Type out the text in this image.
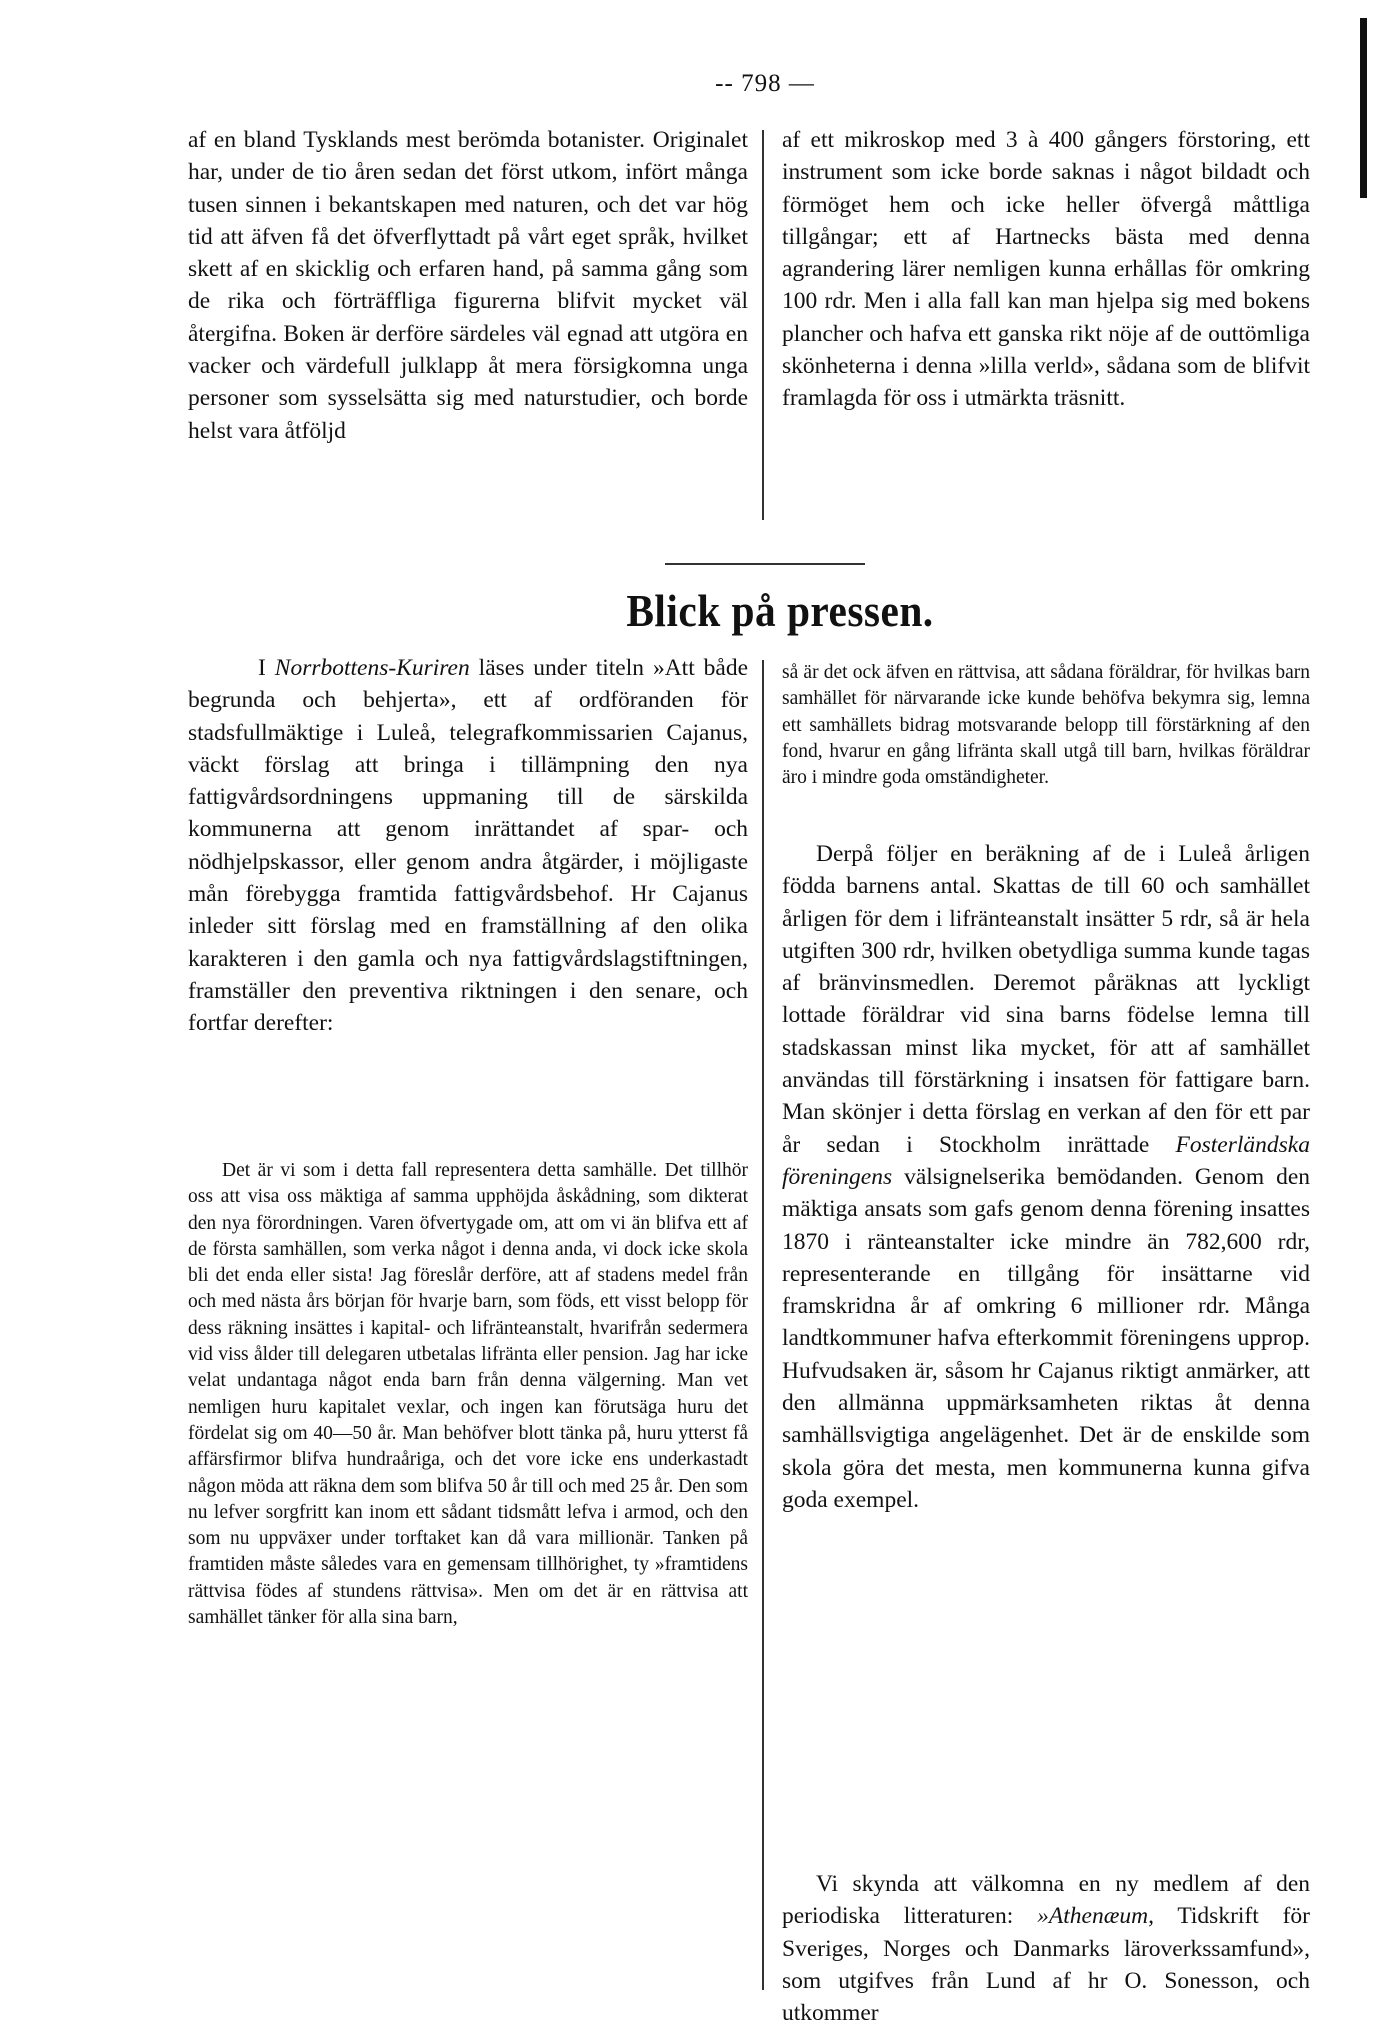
-- 798 —

af en bland Tysklands mest berömda botanister. Originalet har, under de tio åren sedan det först utkom, infört många tusen sinnen i bekantskapen med naturen, och det var hög tid att äfven få det öfverflyttadt på vårt eget språk, hvilket skett af en skicklig och erfaren hand, på samma gång som de rika och förträffliga figurerna blifvit mycket väl återgifna. Boken är derföre särdeles väl egnad att utgöra en vacker och värdefull julklapp åt mera försigkomna unga personer som sysselsätta sig med naturstudier, och borde helst vara åtföljd

af ett mikroskop med 3 à 400 gångers förstoring, ett instrument som icke borde saknas i något bildadt och förmöget hem och icke heller öfvergå måttliga tillgångar; ett af Hartnecks bästa med denna agrandering lärer nemligen kunna erhållas för omkring 100 rdr. Men i alla fall kan man hjelpa sig med bokens plancher och hafva ett ganska rikt nöje af de outtömliga skönheterna i denna »lilla verld», sådana som de blifvit framlagda för oss i utmärkta träsnitt.

Blick på pressen.

I Norrbottens-Kuriren läses under titeln »Att både begrunda och behjerta», ett af ordföranden för stadsfullmäktige i Luleå, telegrafkommissarien Cajanus, väckt förslag att bringa i tillämpning den nya fattigvårdsordningens uppmaning till de särskilda kommunerna att genom inrättandet af spar- och nödhjelpskassor, eller genom andra åtgärder, i möjligaste mån förebygga framtida fattigvårdsbehof. Hr Cajanus inleder sitt förslag med en framställning af den olika karakteren i den gamla och nya fattigvårdslagstiftningen, framställer den preventiva riktningen i den senare, och fortfar derefter:

Det är vi som i detta fall representera detta samhälle. Det tillhör oss att visa oss mäktiga af samma upphöjda åskådning, som dikterat den nya förordningen. Varen öfvertygade om, att om vi än blifva ett af de första samhällen, som verka något i denna anda, vi dock icke skola bli det enda eller sista! Jag föreslår derföre, att af stadens medel från och med nästa års början för hvarje barn, som föds, ett visst belopp för dess räkning insättes i kapital- och lifränteanstalt, hvarifrån sedermera vid viss ålder till delegaren utbetalas lifränta eller pension. Jag har icke velat undantaga något enda barn från denna välgerning. Man vet nemligen huru kapitalet vexlar, och ingen kan förutsäga huru det fördelat sig om 40—50 år. Man behöfver blott tänka på, huru ytterst få affärsfirmor blifva hundraåriga, och det vore icke ens underkastadt någon möda att räkna dem som blifva 50 år till och med 25 år. Den som nu lefver sorgfritt kan inom ett sådant tidsmått lefva i armod, och den som nu uppväxer under torftaket kan då vara millionär. Tanken på framtiden måste således vara en gemensam tillhörighet, ty »framtidens rättvisa födes af stundens rättvisa». Men om det är en rättvisa att samhället tänker för alla sina barn,

så är det ock äfven en rättvisa, att sådana föräldrar, för hvilkas barn samhället för närvarande icke kunde behöfva bekymra sig, lemna ett samhällets bidrag motsvarande belopp till förstärkning af den fond, hvarur en gång lifränta skall utgå till barn, hvilkas föräldrar äro i mindre goda omständigheter.

Derpå följer en beräkning af de i Luleå årligen födda barnens antal. Skattas de till 60 och samhället årligen för dem i lifränteanstalt insätter 5 rdr, så är hela utgiften 300 rdr, hvilken obetydliga summa kunde tagas af bränvinsmedlen. Deremot påräknas att lyckligt lottade föräldrar vid sina barns födelse lemna till stadskassan minst lika mycket, för att af samhället användas till förstärkning i insatsen för fattigare barn. Man skönjer i detta förslag en verkan af den för ett par år sedan i Stockholm inrättade Fosterländska föreningens välsignelserika bemödanden. Genom den mäktiga ansats som gafs genom denna förening insattes 1870 i ränteanstalter icke mindre än 782,600 rdr, representerande en tillgång för insättarne vid framskridna år af omkring 6 millioner rdr. Många landtkommuner hafva efterkommit föreningens upprop. Hufvudsaken är, såsom hr Cajanus riktigt anmärker, att den allmänna uppmärksamheten riktas åt denna samhällsvigtiga angelägenhet. Det är de enskilde som skola göra det mesta, men kommunerna kunna gifva goda exempel.

Vi skynda att välkomna en ny medlem af den periodiska litteraturen: »Athenæum, Tidskrift för Sveriges, Norges och Danmarks läroverkssamfund», som utgifves från Lund af hr O. Sonesson, och utkommer
